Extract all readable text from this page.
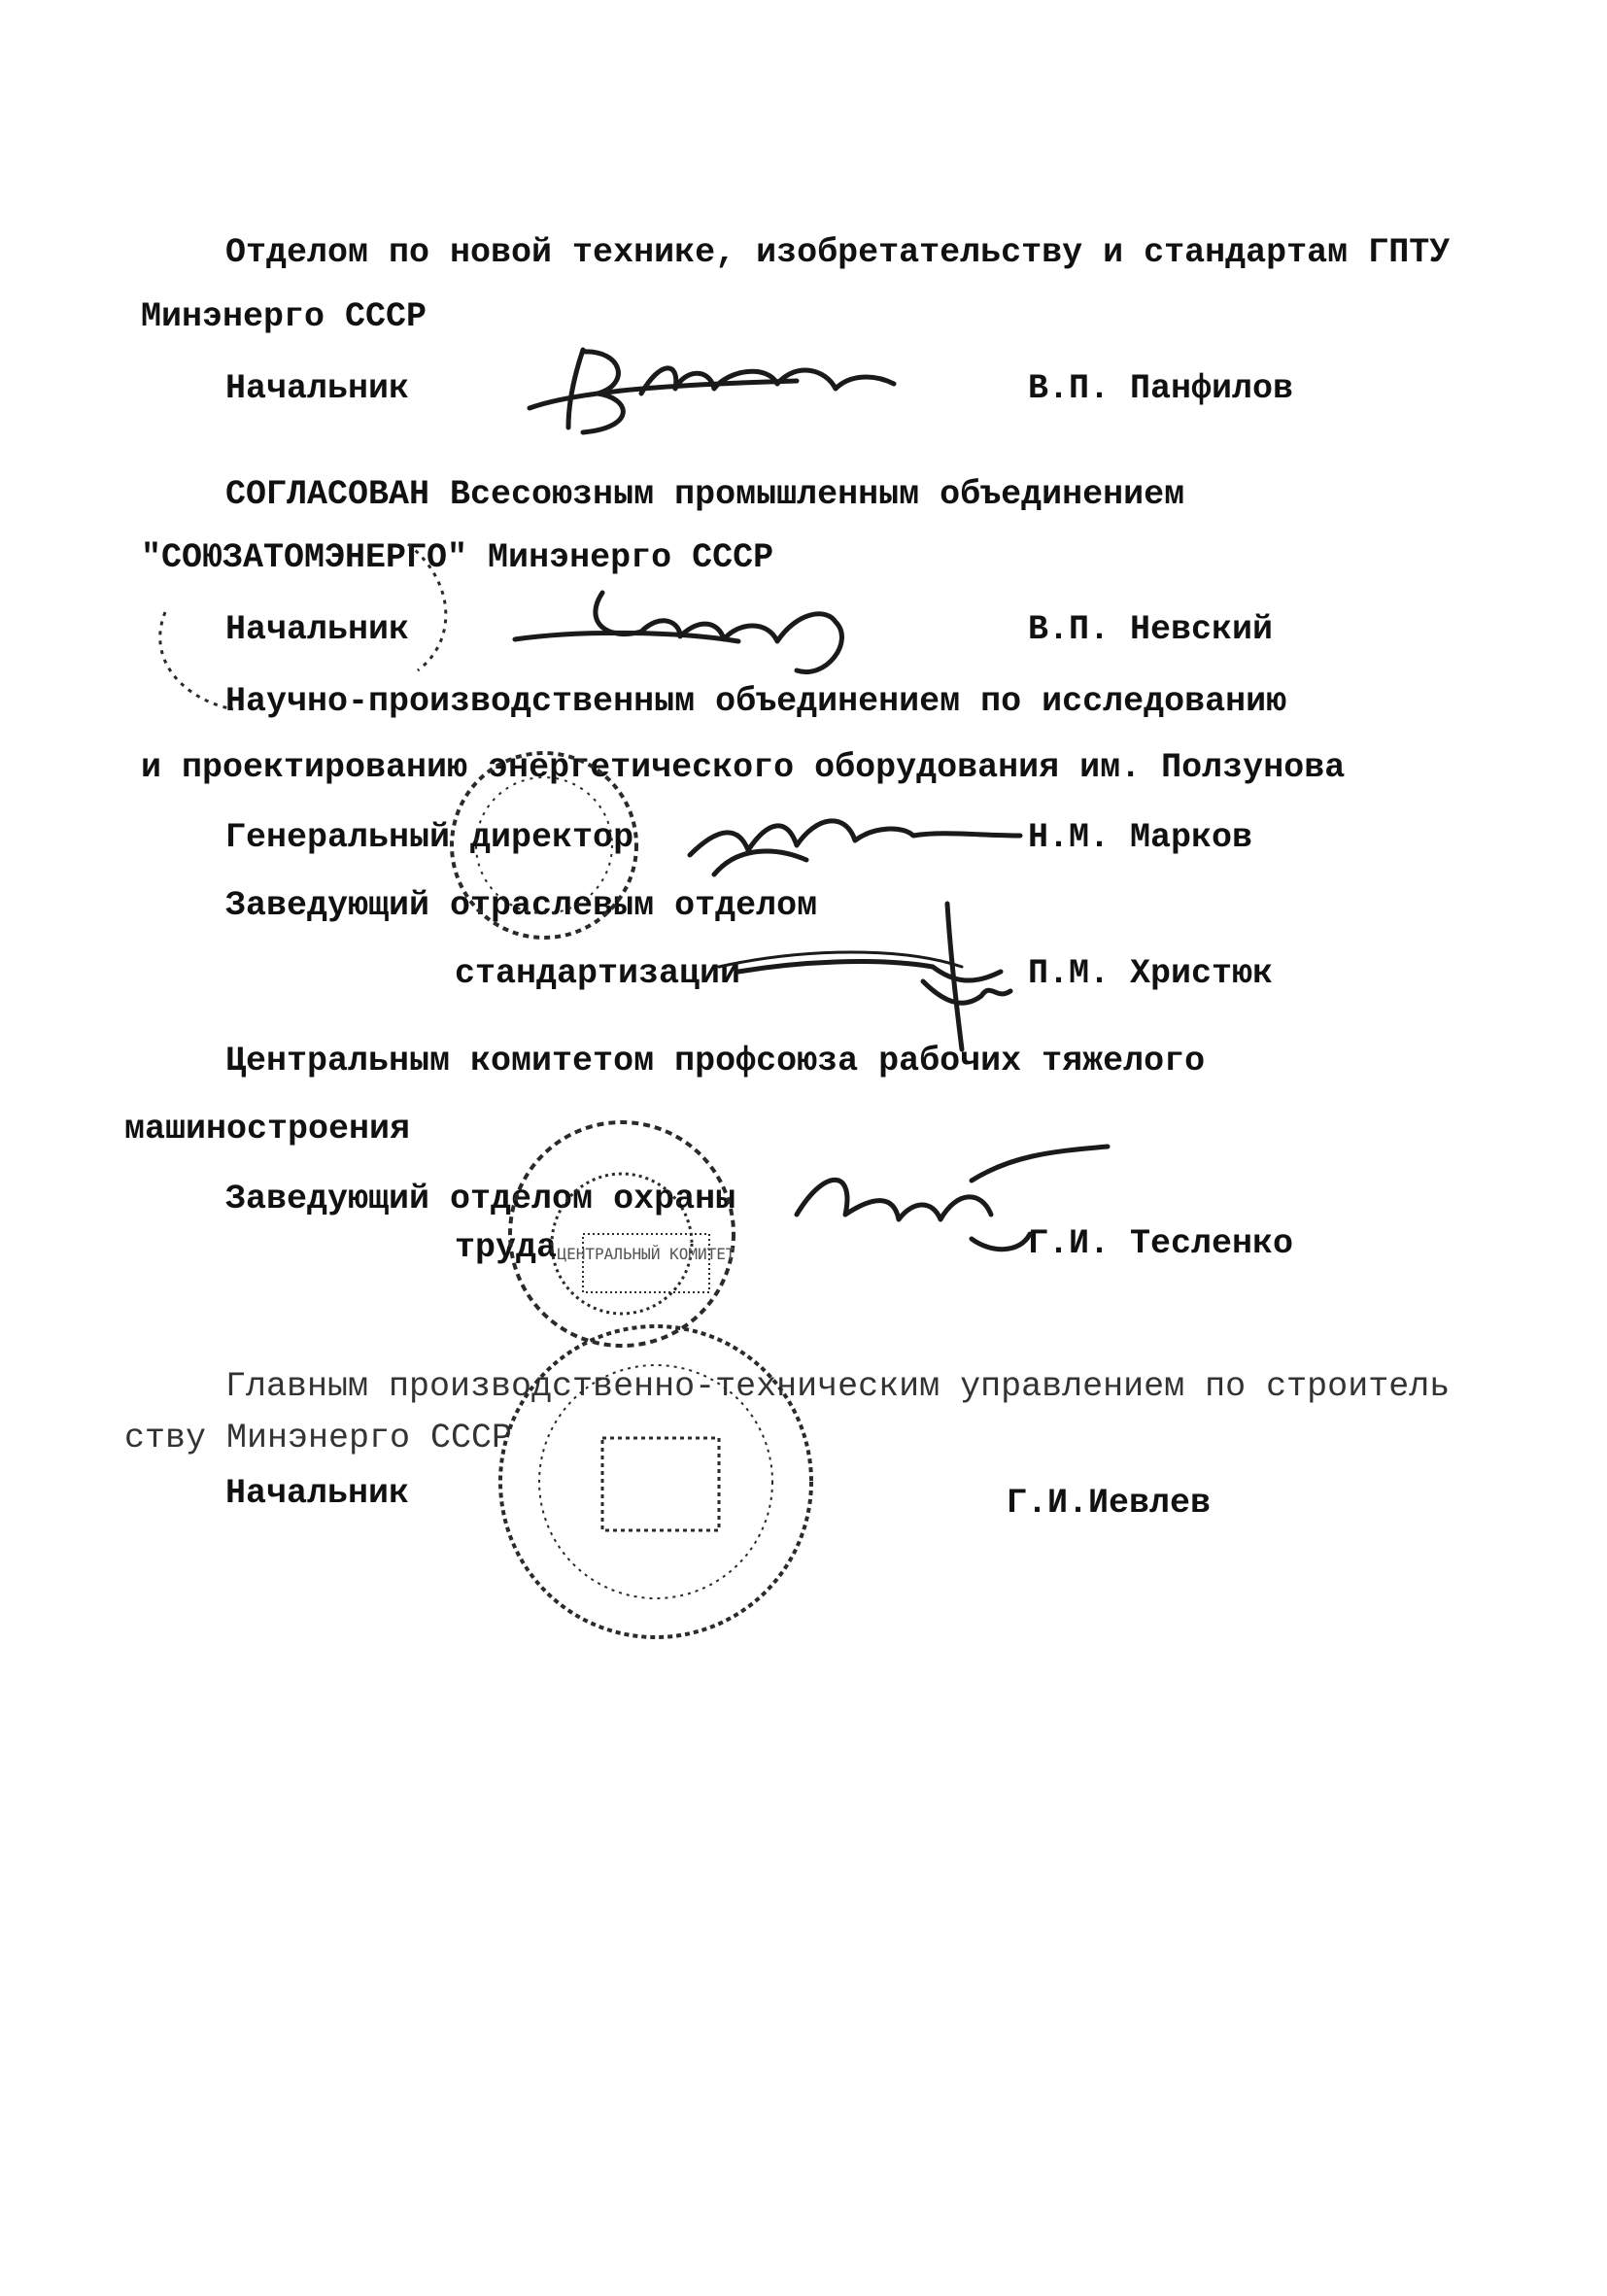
Отделом по новой технике, изобретательству и стандартам ГПТУ
Минэнерго СССР
Начальник	В.П. Панфилов
СОГЛАСОВАН Всесоюзным промышленным объединением
"СОЮЗАТОМЭНЕРГО" Минэнерго СССР
Начальник	В.П. Невский
Научно-производственным объединением по исследованию
и проектированию энергетического оборудования им. Ползунова
Генеральный директор	Н.М. Марков
Заведующий отраслевым отделом
стандартизации	П.М. Христюк
Центральным комитетом профсоюза рабочих тяжелого
машиностроения
Заведующий отделом охраны
труда	Г.И. Тесленко
Главным производственно-техническим управлением по строитель
ству Минэнерго СССР
Начальник	Г.И.Иевлев
ЦЕНТРАЛЬНЫЙ КОМИТЕТ
